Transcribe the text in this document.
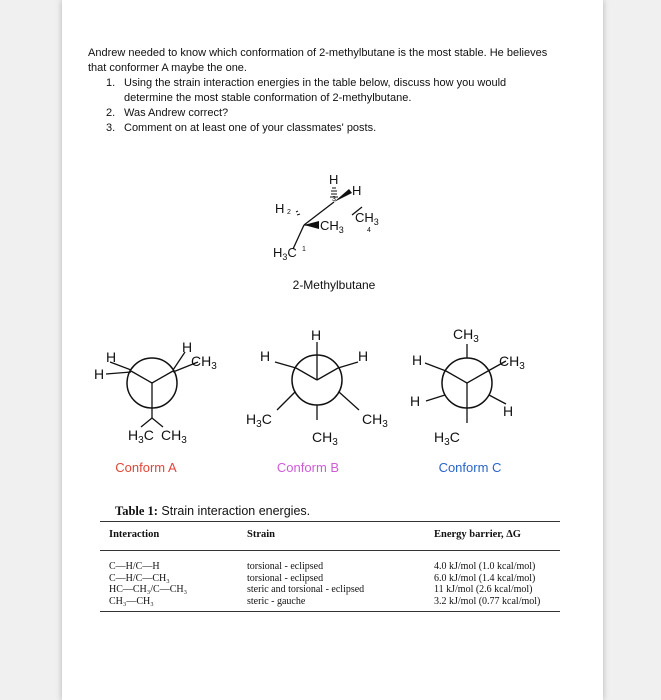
Andrew needed to know which conformation of 2-methylbutane is the most stable. He believes that conformer A maybe the one.

1. Using the strain interaction energies in the table below, discuss how you would determine the most stable conformation of 2-methylbutane.

2. Was Andrew correct?

3. Comment on at least one of your classmates' posts.

H
H
H 2
3
$CH_3$
$CH_3$
4
$H_3C$ 1
2-Methylbutane
H
H
H
$CH_3$
$H_3C$ $CH_3$
Conform A
H
H	H
$H_3C$	$CH_3$
$CH_3$
Conform B
$CH_3$
H	$CH_3$
H
H
$H_3C$
Conform C
Table 1: Strain interaction energies.
Interaction	Strain	Energy barrier, ΔG
C—H/C—H	torsional - eclipsed	4.0 kJ/mol (1.0 kcal/mol)
C—H/C—CH₃	torsional - eclipsed	6.0 kJ/mol (1.4 kcal/mol)
HC—CH₃/C—CH₃	steric and torsional - eclipsed	11 kJ/mol (2.6 kcal/mol)
CH₃—CH₃	steric - gauche	3.2 kJ/mol (0.77 kcal/mol)
